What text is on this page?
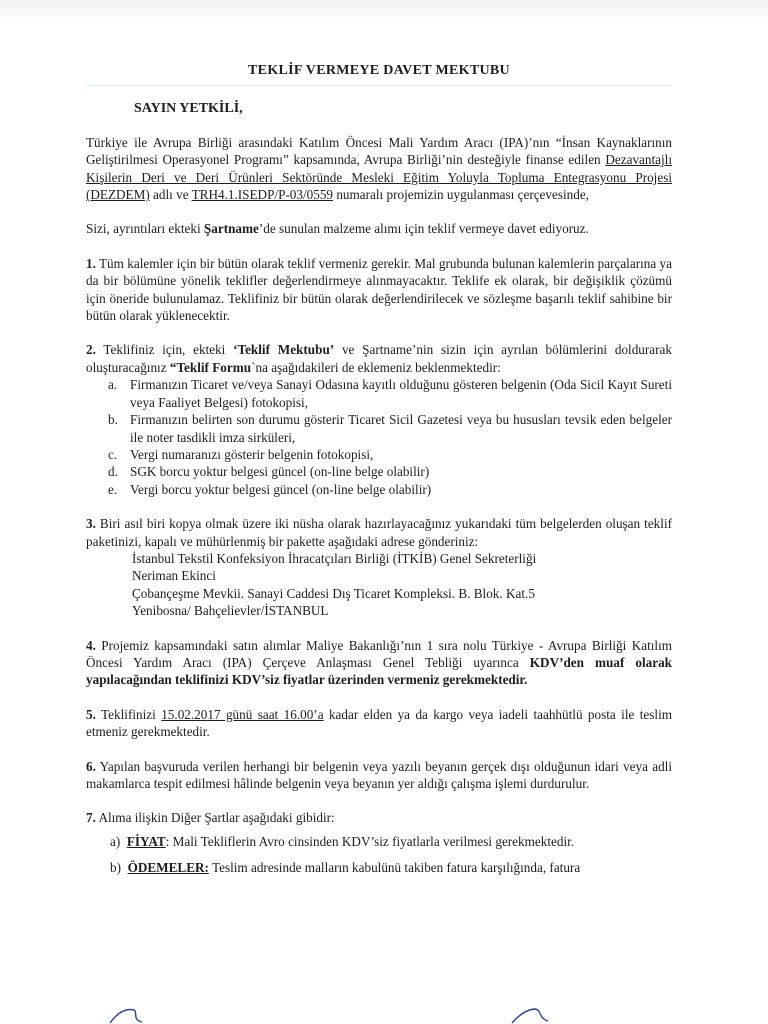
TEKLİF VERMEYE DAVET MEKTUBU
SAYIN YETKİLİ,
Türkiye ile Avrupa Birliği arasındaki Katılım Öncesi Mali Yardım Aracı (IPA)’nın “İnsan Kaynaklarının Geliştirilmesi Operasyonel Programı” kapsamında, Avrupa Birliği’nin desteğiyle finanse edilen Dezavantajlı Kişilerin Deri ve Deri Ürünleri Sektöründe Mesleki Eğitim Yoluyla Topluma Entegrasyonu Projesi (DEZDEM) adlı ve TRH4.1.ISEDP/P-03/0559 numaralı projemizin uygulanması çerçevesinde,
Sizi, ayrıntıları ekteki Şartname’de sunulan malzeme alımı için teklif vermeye davet ediyoruz.
1. Tüm kalemler için bir bütün olarak teklif vermeniz gerekir. Mal grubunda bulunan kalemlerin parçalarına ya da bir bölümüne yönelik teklifler değerlendirmeye alınmayacaktır. Teklife ek olarak, bir değişiklik çözümü için öneride bulunulamaz. Teklifiniz bir bütün olarak değerlendirilecek ve sözleşme başarılı teklif sahibine bir bütün olarak yüklenecektir.
2. Teklifiniz için, ekteki ‘Teklif Mektubu’ ve Şartname’nin sizin için ayrılan bölümlerini doldurarak oluşturacağınız “Teklif Formu`na aşağıdakileri de eklemeniz beklenmektedir:
a. Firmanızın Ticaret ve/veya Sanayi Odasına kayıtlı olduğunu gösteren belgenin (Oda Sicil Kayıt Sureti veya Faaliyet Belgesi) fotokopisi,
b. Firmanızın belirten son durumu gösterir Ticaret Sicil Gazetesi veya bu hususları tevsik eden belgeler ile noter tasdikli imza sirküleri,
c. Vergi numaranızı gösterir belgenin fotokopisi,
d. SGK borcu yoktur belgesi güncel (on-line belge olabilir)
e. Vergi borcu yoktur belgesi güncel (on-line belge olabilir)
3. Biri asıl biri kopya olmak üzere iki nüsha olarak hazırlayacağınız yukarıdaki tüm belgelerden oluşan teklif paketinizi, kapalı ve mühürlenmiş bir pakette aşağıdaki adrese gönderiniz:
İstanbul Tekstil Konfeksiyon İhracatçıları Birliği (İTKİB) Genel Sekreterliği
Neriman Ekinci
Çobançeşme Mevkii. Sanayi Caddesi Dış Ticaret Kompleksi. B. Blok. Kat.5
Yenibosna/ Bahçelievler/İSTANBUL
4. Projemiz kapsamındaki satın alımlar Maliye Bakanlığı’nın 1 sıra nolu Türkiye - Avrupa Birliği Katılım Öncesi Yardım Aracı (IPA) Çerçeve Anlaşması Genel Tebliği uyarınca KDV’den muaf olarak yapılacağından teklifinizi KDV’siz fiyatlar üzerinden vermeniz gerekmektedir.
5. Teklifinizi 15.02.2017 günü saat 16.00’a kadar elden ya da kargo veya iadeli taahhütlü posta ile teslim etmeniz gerekmektedir.
6. Yapılan başvuruda verilen herhangi bir belgenin veya yazılı beyanın gerçek dışı olduğunun idari veya adli makamlarca tespit edilmesi hâlinde belgenin veya beyanın yer aldığı çalışma işlemi durdurulur.
7. Alıma ilişkin Diğer Şartlar aşağıdaki gibidir:
a) FİYAT: Mali Tekliflerin Avro cinsinden KDV’siz fiyatlarla verilmesi gerekmektedir.
b) ÖDEMELER: Teslim adresinde malların kabulünü takiben fatura karşılığında, fatura
